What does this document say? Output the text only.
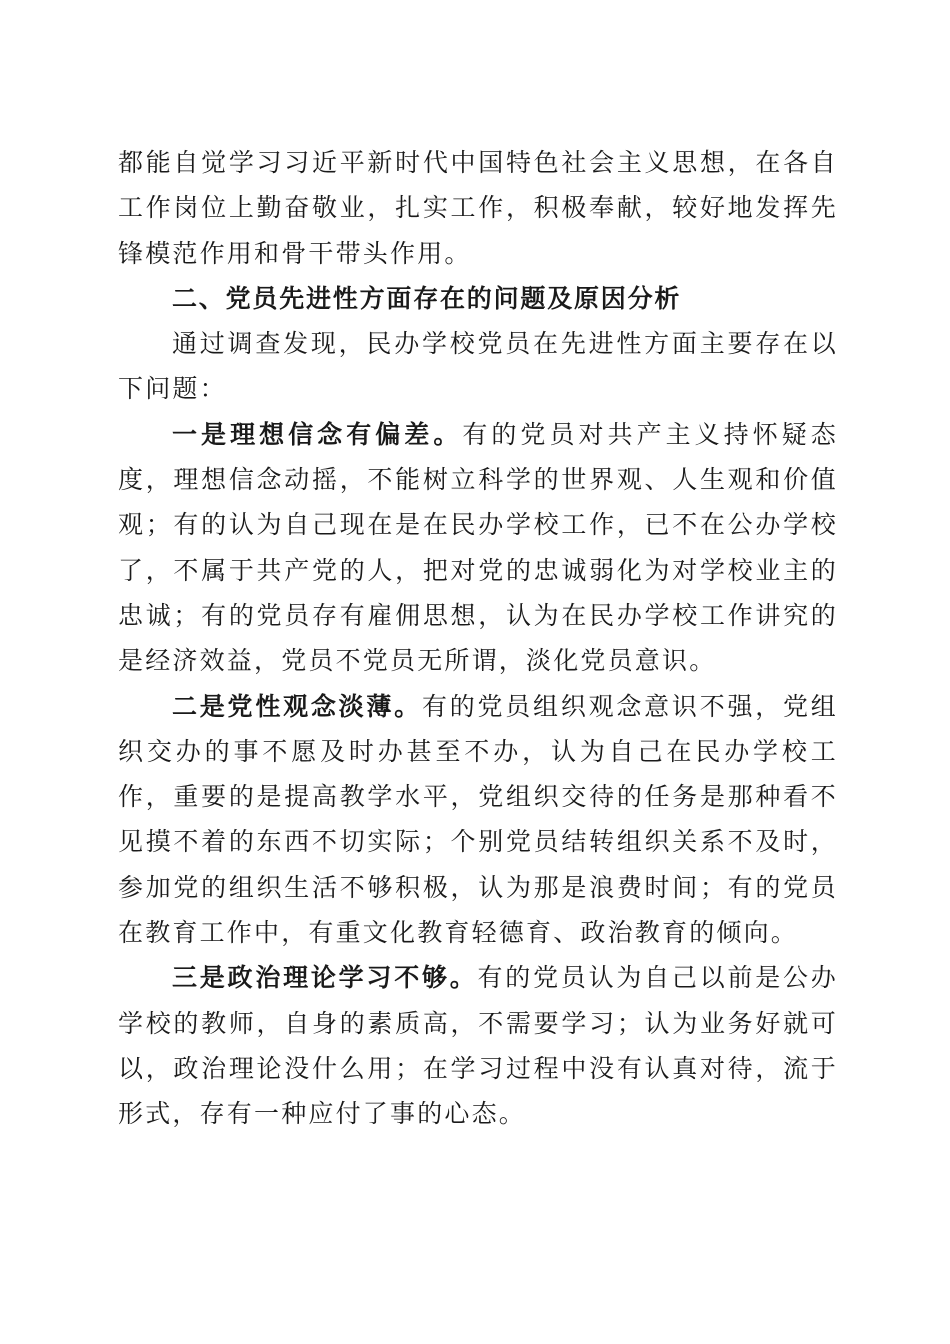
都能自觉学习习近平新时代中国特色社会主义思想，在各自工作岗位上勤奋敬业，扎实工作，积极奉献，较好地发挥先锋模范作用和骨干带头作用。

二、党员先进性方面存在的问题及原因分析

通过调查发现，民办学校党员在先进性方面主要存在以下问题：

一是理想信念有偏差。有的党员对共产主义持怀疑态度，理想信念动摇，不能树立科学的世界观、人生观和价值观；有的认为自己现在是在民办学校工作，已不在公办学校了，不属于共产党的人，把对党的忠诚弱化为对学校业主的忠诚；有的党员存有雇佣思想，认为在民办学校工作讲究的是经济效益，党员不党员无所谓，淡化党员意识。

二是党性观念淡薄。有的党员组织观念意识不强，党组织交办的事不愿及时办甚至不办，认为自己在民办学校工作，重要的是提高教学水平，党组织交待的任务是那种看不见摸不着的东西不切实际；个别党员结转组织关系不及时，参加党的组织生活不够积极，认为那是浪费时间；有的党员在教育工作中，有重文化教育轻德育、政治教育的倾向。

三是政治理论学习不够。有的党员认为自己以前是公办学校的教师，自身的素质高，不需要学习；认为业务好就可以，政治理论没什么用；在学习过程中没有认真对待，流于形式，存有一种应付了事的心态。
